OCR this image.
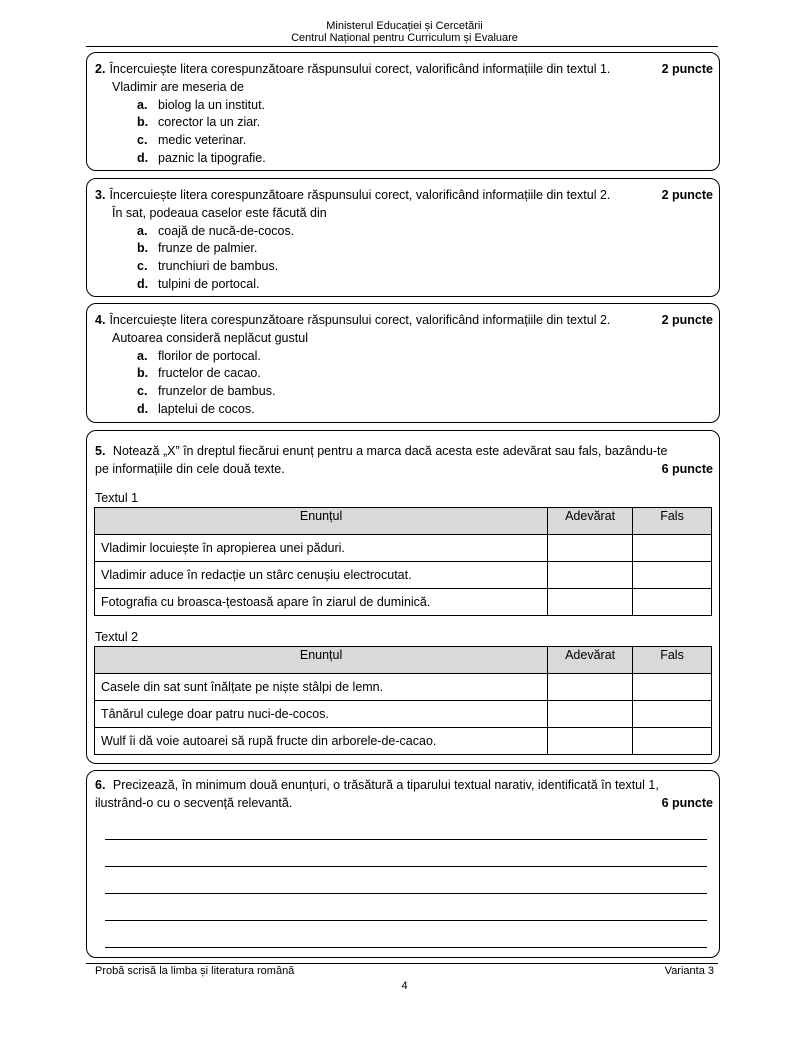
Ministerul Educației și Cercetării
Centrul Național pentru Curriculum și Evaluare
2. Încercuiește litera corespunzătoare răspunsului corect, valorificând informațiile din textul 1.	2 puncte
Vladimir are meseria de
a. biolog la un institut.
b. corector la un ziar.
c. medic veterinar.
d. paznic la tipografie.
3. Încercuiește litera corespunzătoare răspunsului corect, valorificând informațiile din textul 2.	2 puncte
În sat, podeaua caselor este făcută din
a. coajă de nucă-de-cocos.
b. frunze de palmier.
c. trunchiuri de bambus.
d. tulpini de portocal.
4. Încercuiește litera corespunzătoare răspunsului corect, valorificând informațiile din textul 2.	2 puncte
Autoarea consideră neplăcut gustul
a. florilor de portocal.
b. fructelor de cacao.
c. frunzelor de bambus.
d. laptelui de cocos.
5. Notează „X” în dreptul fiecărui enunț pentru a marca dacă acesta este adevărat sau fals, bazându-te
pe informațiile din cele două texte.	6 puncte
Textul 1
Enunțul	Adevărat	Fals
Vladimir locuiește în apropierea unei păduri.		
Vladimir aduce în redacție un stârc cenușiu electrocutat.		
Fotografia cu broasca-țestoasă apare în ziarul de duminică.		
Textul 2
Enunțul	Adevărat	Fals
Casele din sat sunt înălțate pe niște stâlpi de lemn.		
Tânărul culege doar patru nuci-de-cocos.		
Wulf îi dă voie autoarei să rupă fructe din arborele-de-cacao.		
6. Precizează, în minimum două enunțuri, o trăsătură a tiparului textual narativ, identificată în textul 1,
ilustrând-o cu o secvență relevantă.	6 puncte
Probă scrisă la limba și literatura română	Varianta 3
4
